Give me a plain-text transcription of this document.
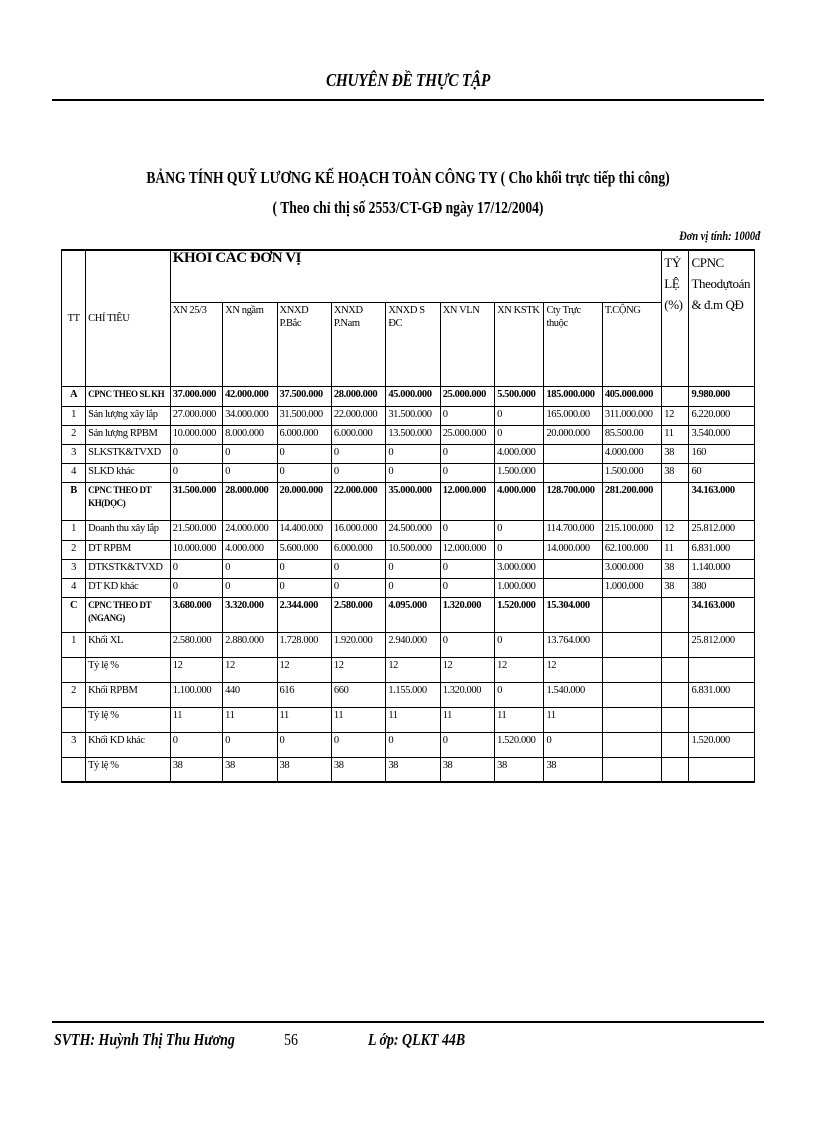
CHUYÊN ĐỀ THỰC TẬP
BẢNG TÍNH QUỸ LƯƠNG KẾ HOẠCH TOÀN CÔNG TY ( Cho khối trực tiếp thi công)
( Theo chỉ thị số 2553/CT-GĐ ngày 17/12/2004)
Đơn vị tính: 1000đ
TT	CHỈ TIÊU	KHỐI CÁC ĐƠN VỊ									TỶ LỆ (%)	CPNC Theodựtoán & đ.m QĐ
		XN 25/3	XN ngầm	XNXD P.Bắc	XNXD P.Nam	XNXD S ĐC	XN VLN	XN KSTK	Cty Trực thuộc	T.CỘNG		
A	CPNC THEO SL KH	37.000.000	42.000.000	37.500.000	28.000.000	45.000.000	25.000.000	5.500.000	185.000.000	405.000.000		9.980.000
1	Sản lượng xây lắp	27.000.000	34.000.000	31.500.000	22.000.000	31.500.000	0	0	165.000.00	311.000.000	12	6.220.000
2	Sản lượng RPBM	10.000.000	8.000.000	6.000.000	6.000.000	13.500.000	25.000.000	0	20.000.000	85.500.00	11	3.540.000
3	SLKSTK&TVXD	0	0	0	0	0	0	4.000.000		4.000.000	38	160
4	SLKD khác	0	0	0	0	0	0	1.500.000		1.500.000	38	60
B	CPNC THEO DT KH(DỌC)	31.500.000	28.000.000	20.000.000	22.000.000	35.000.000	12.000.000	4.000.000	128.700.000	281.200.000		34.163.000
1	Doanh thu xây lắp	21.500.000	24.000.000	14.400.000	16.000.000	24.500.000	0	0	114.700.000	215.100.000	12	25.812.000
2	DT RPBM	10.000.000	4.000.000	5.600.000	6.000.000	10.500.000	12.000.000	0	14.000.000	62.100.000	11	6.831.000
3	DTKSTK&TVXD	0	0	0	0	0	0	3.000.000		3.000.000	38	1.140.000
4	DT KD khác	0	0	0	0	0	0	1.000.000		1.000.000	38	380
C	CPNC THEO DT (NGANG)	3.680.000	3.320.000	2.344.000	2.580.000	4.095.000	1.320.000	1.520.000	15.304.000			34.163.000
1	Khối XL	2.580.000	2.880.000	1.728.000	1.920.000	2.940.000	0	0	13.764.000			25.812.000
	Tỷ lệ %	12	12	12	12	12	12	12	12			
2	Khối RPBM	1.100.000	440	616	660	1.155.000	1.320.000	0	1.540.000			6.831.000
	Tỷ lệ %	11	11	11	11	11	11	11	11			
3	Khối KD khác	0	0	0	0	0	0	1.520.000	0			1.520.000
	Tỷ lệ %	38	38	38	38	38	38	38	38			
SVTH: Huỳnh Thị Thu Hương	56	L ớp: QLKT 44B
